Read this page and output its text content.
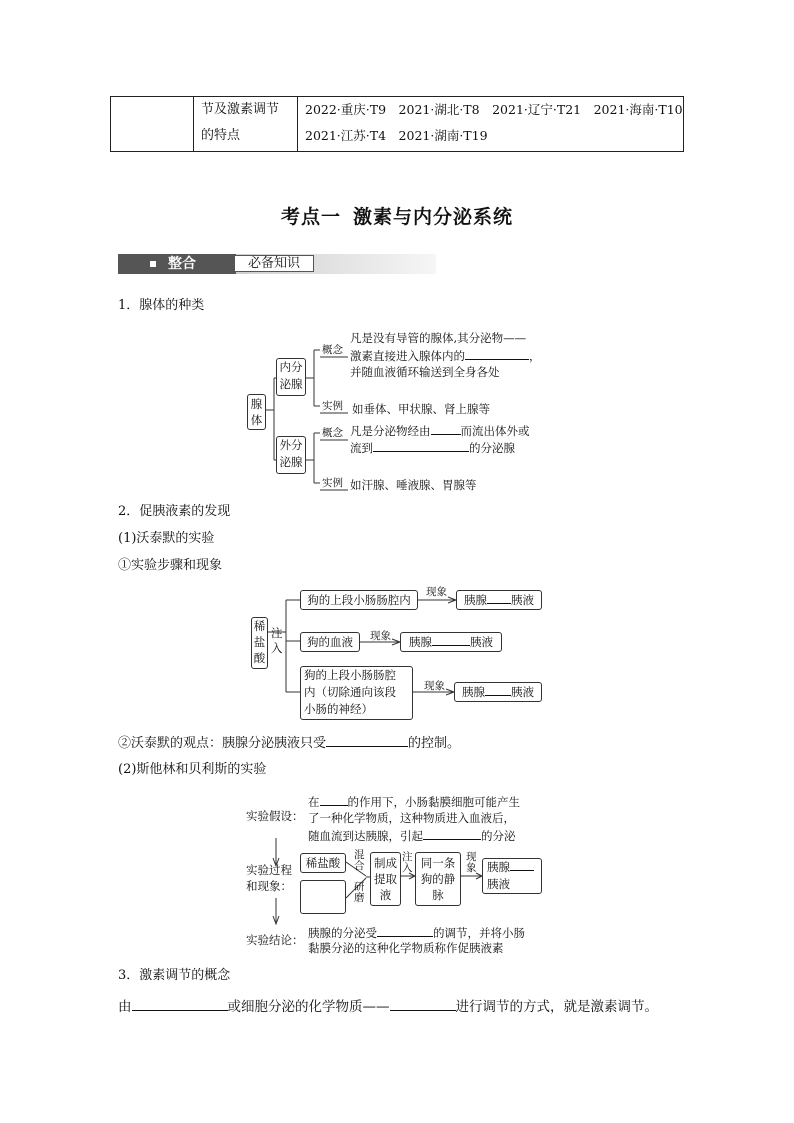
节及激素调节
的特点
2022·重庆·T9　2021·湖北·T8　2021·辽宁·T21　2021·海南·T10
2021·江苏·T4　2021·湖南·T19
考点一 激素与内分泌系统
整合	必备知识
1．腺体的种类
腺体
内分泌腺
外分泌腺
概念
实例
概念
实例
凡是没有导管的腺体,其分泌物——
激素直接进入腺体内的	，
并随血液循环输送到全身各处
如垂体、甲状腺、肾上腺等
凡是分泌物经由	而流出体外或
流到	的分泌腺
如汗腺、唾液腺、胃腺等
2．促胰液素的发现
(1)沃泰默的实验
①实验步骤和现象
稀盐酸
注入
狗的上段小肠肠腔内
狗的血液
狗的上段小肠肠腔
内（切除通向该段
小肠的神经）
现象
现象
现象
胰腺 胰液
胰腺	胰液
胰腺 胰液
②沃泰默的观点：胰腺分泌胰液只受	的控制。
(2)斯他林和贝利斯的实验
实验假设：
在 的作用下，小肠黏膜细胞可能产生
了一种化学物质，这种物质进入血液后，
随血流到达胰腺，引起	的分泌
实验过程
和现象：
稀盐酸
混合
研磨
制成提取液
注入 同一条狗的静脉
现象 胰腺
胰液
实验结论： 胰腺的分泌受	的调节，并将小肠
黏膜分泌的这种化学物质称作促胰液素
3．激素调节的概念
由	或细胞分泌的化学物质——	进行调节的方式，就是激素调节。
